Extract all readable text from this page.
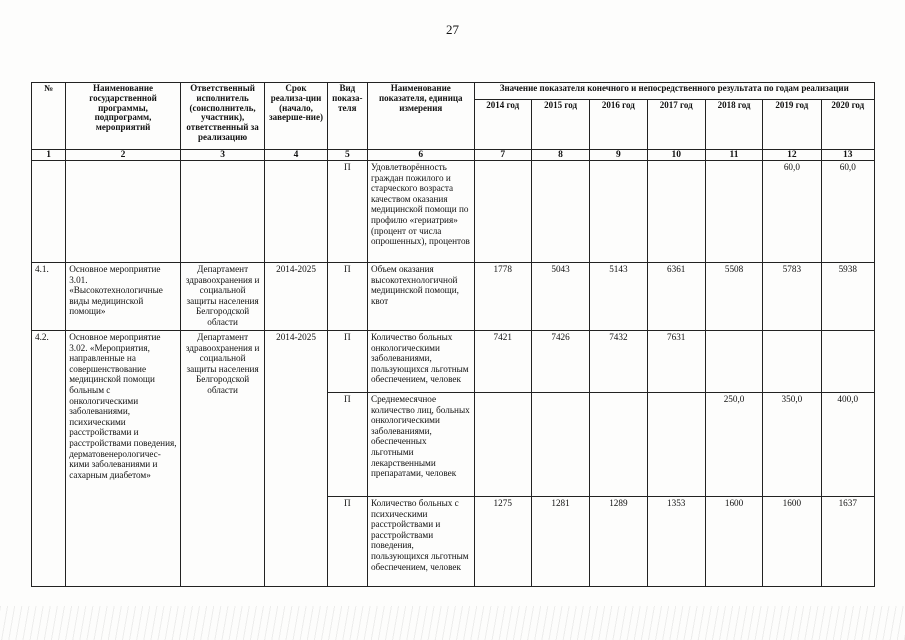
27
№	Наименование государственной программы, подпрограмм, мероприятий	Ответственный исполнитель (соисполнитель, участник), ответственный за реализацию	Срок реализа-ции (начало, заверше-ние)	Вид показа-теля	Наименование показателя, единица измерения	Значение показателя конечного и непосредственного результата по годам реализации						
						2014 год	2015 год	2016 год	2017 год	2018 год	2019 год	2020 год
1	2	3	4	5	6	7	8	9	10	11	12	13
				П	Удовлетворённость граждан пожилого и старческого возраста качеством оказания медицинской помощи по профилю «гериатрия» (процент от числа опрошенных), процентов						60,0	60,0
4.1.	Основное мероприятие 3.01. «Высокотехнологичные виды медицинской помощи»	Департамент здравоохранения и социальной защиты населения Белгородской области	2014-2025	П	Объем оказания высокотехнологичной медицинской помощи, квот	1778	5043	5143	6361	5508	5783	5938
4.2.	Основное мероприятие 3.02. «Мероприятия, направленные на совершенствование медицинской помощи больным с онкологическими заболеваниями, психическими расстройствами и расстройствами поведения, дерматовенерологичес-кими заболеваниями и сахарным диабетом»	Департамент здравоохранения и социальной защиты населения Белгородской области	2014-2025	П	Количество больных онкологическими заболеваниями, пользующихся льготным обеспечением, человек	7421	7426	7432	7631			
				П	Среднемесячное количество лиц, больных онкологическими заболеваниями, обеспеченных льготными лекарственными препаратами, человек					250,0	350,0	400,0
				П	Количество больных с психическими расстройствами и расстройствами поведения, пользующихся льготным обеспечением, человек	1275	1281	1289	1353	1600	1600	1637
